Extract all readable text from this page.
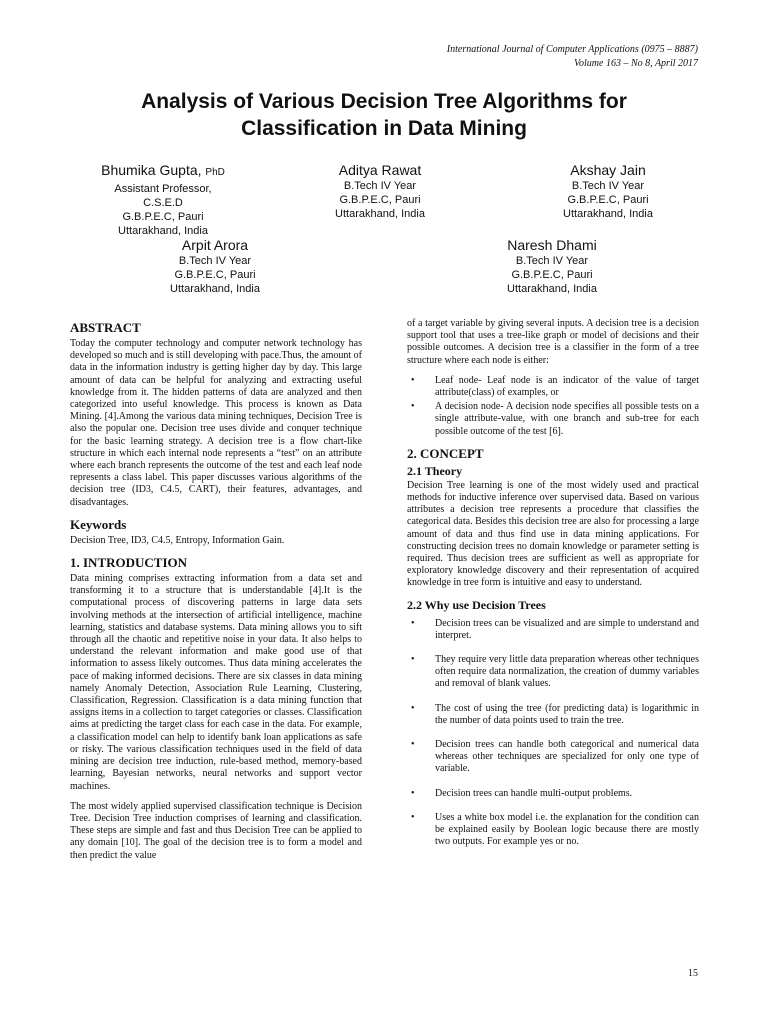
International Journal of Computer Applications (0975 – 8887)
Volume 163 – No 8, April 2017
Analysis of Various Decision Tree Algorithms for
Classification in Data Mining
Bhumika Gupta, PhD
Assistant Professor,
C.S.E.D
G.B.P.E.C, Pauri
Uttarakhand, India
Aditya Rawat
B.Tech IV Year
G.B.P.E.C, Pauri
Uttarakhand, India
Akshay Jain
B.Tech IV Year
G.B.P.E.C, Pauri
Uttarakhand, India
Arpit Arora
B.Tech IV Year
G.B.P.E.C, Pauri
Uttarakhand, India
Naresh Dhami
B.Tech IV Year
G.B.P.E.C, Pauri
Uttarakhand, India
ABSTRACT

Today the computer technology and computer network technology has developed so much and is still developing with pace.Thus, the amount of data in the information industry is getting higher day by day. This large amount of data can be helpful for analyzing and extracting useful knowledge from it. The hidden patterns of data are analyzed and then categorized into useful knowledge. This process is known as Data Mining. [4].Among the various data mining techniques, Decision Tree is also the popular one. Decision tree uses divide and conquer technique for the basic learning strategy. A decision tree is a flow chart-like structure in which each internal node represents a “test” on an attribute where each branch represents the outcome of the test and each leaf node represents a class label. This paper discusses various algorithms of the decision tree (ID3, C4.5, CART), their features, advantages, and disadvantages.

Keywords

Decision Tree, ID3, C4.5, Entropy, Information Gain.

1. INTRODUCTION

Data mining comprises extracting information from a data set and transforming it to a structure that is understandable [4].It is the computational process of discovering patterns in large data sets involving methods at the intersection of artificial intelligence, machine learning, statistics and database systems. Data mining allows you to sift through all the chaotic and repetitive noise in your data. It also helps to understand the relevant information and make good use of that information to assess likely outcomes. Thus data mining accelerates the pace of making informed decisions. There are six classes in data mining namely Anomaly Detection, Association Rule Learning, Clustering, Classification, Regression. Classification is a data mining function that assigns items in a collection to target categories or classes. Classification aims at predicting the target class for each case in the data. For example, a classification model can help to identify bank loan applications as safe or risky. The various classification techniques used in the field of data mining are decision tree induction, rule-based method, memory-based learning, Bayesian networks, neural networks and support vector machines.

The most widely applied supervised classification technique is Decision Tree. Decision Tree induction comprises of learning and classification. These steps are simple and fast and thus Decision Tree can be applied to any domain [10]. The goal of the decision tree is to form a model and then predict the value

of a target variable by giving several inputs. A decision tree is a decision support tool that uses a tree-like graph or model of decisions and their possible outcomes. A decision tree is a classifier in the form of a tree structure where each node is either:

• Leaf node- Leaf node is an indicator of the value of target attribute(class) of examples, or
• A decision node- A decision node specifies all possible tests on a single attribute-value, with one branch and sub-tree for each possible outcome of the test [6].
2. CONCEPT
2.1 Theory

Decision Tree learning is one of the most widely used and practical methods for inductive inference over supervised data. Based on various attributes a decision tree represents a procedure that classifies the categorical data. Besides this decision tree are also for processing a large amount of data and thus find use in data mining applications. For constructing decision trees no domain knowledge or parameter setting is required. Thus decision trees are sufficient as well as appropriate for exploratory knowledge discovery and their representation of acquired knowledge in tree form is intuitive and easy to understand.

2.2 Why use Decision Trees
• Decision trees can be visualized and are simple to understand and interpret.
• They require very little data preparation whereas other techniques often require data normalization, the creation of dummy variables and removal of blank values.
• The cost of using the tree (for predicting data) is logarithmic in the number of data points used to train the tree.
• Decision trees can handle both categorical and numerical data whereas other techniques are specialized for only one type of variable.
• Decision trees can handle multi-output problems.
• Uses a white box model i.e. the explanation for the condition can be explained easily by Boolean logic because there are mostly two outputs. For example yes or no.
15
